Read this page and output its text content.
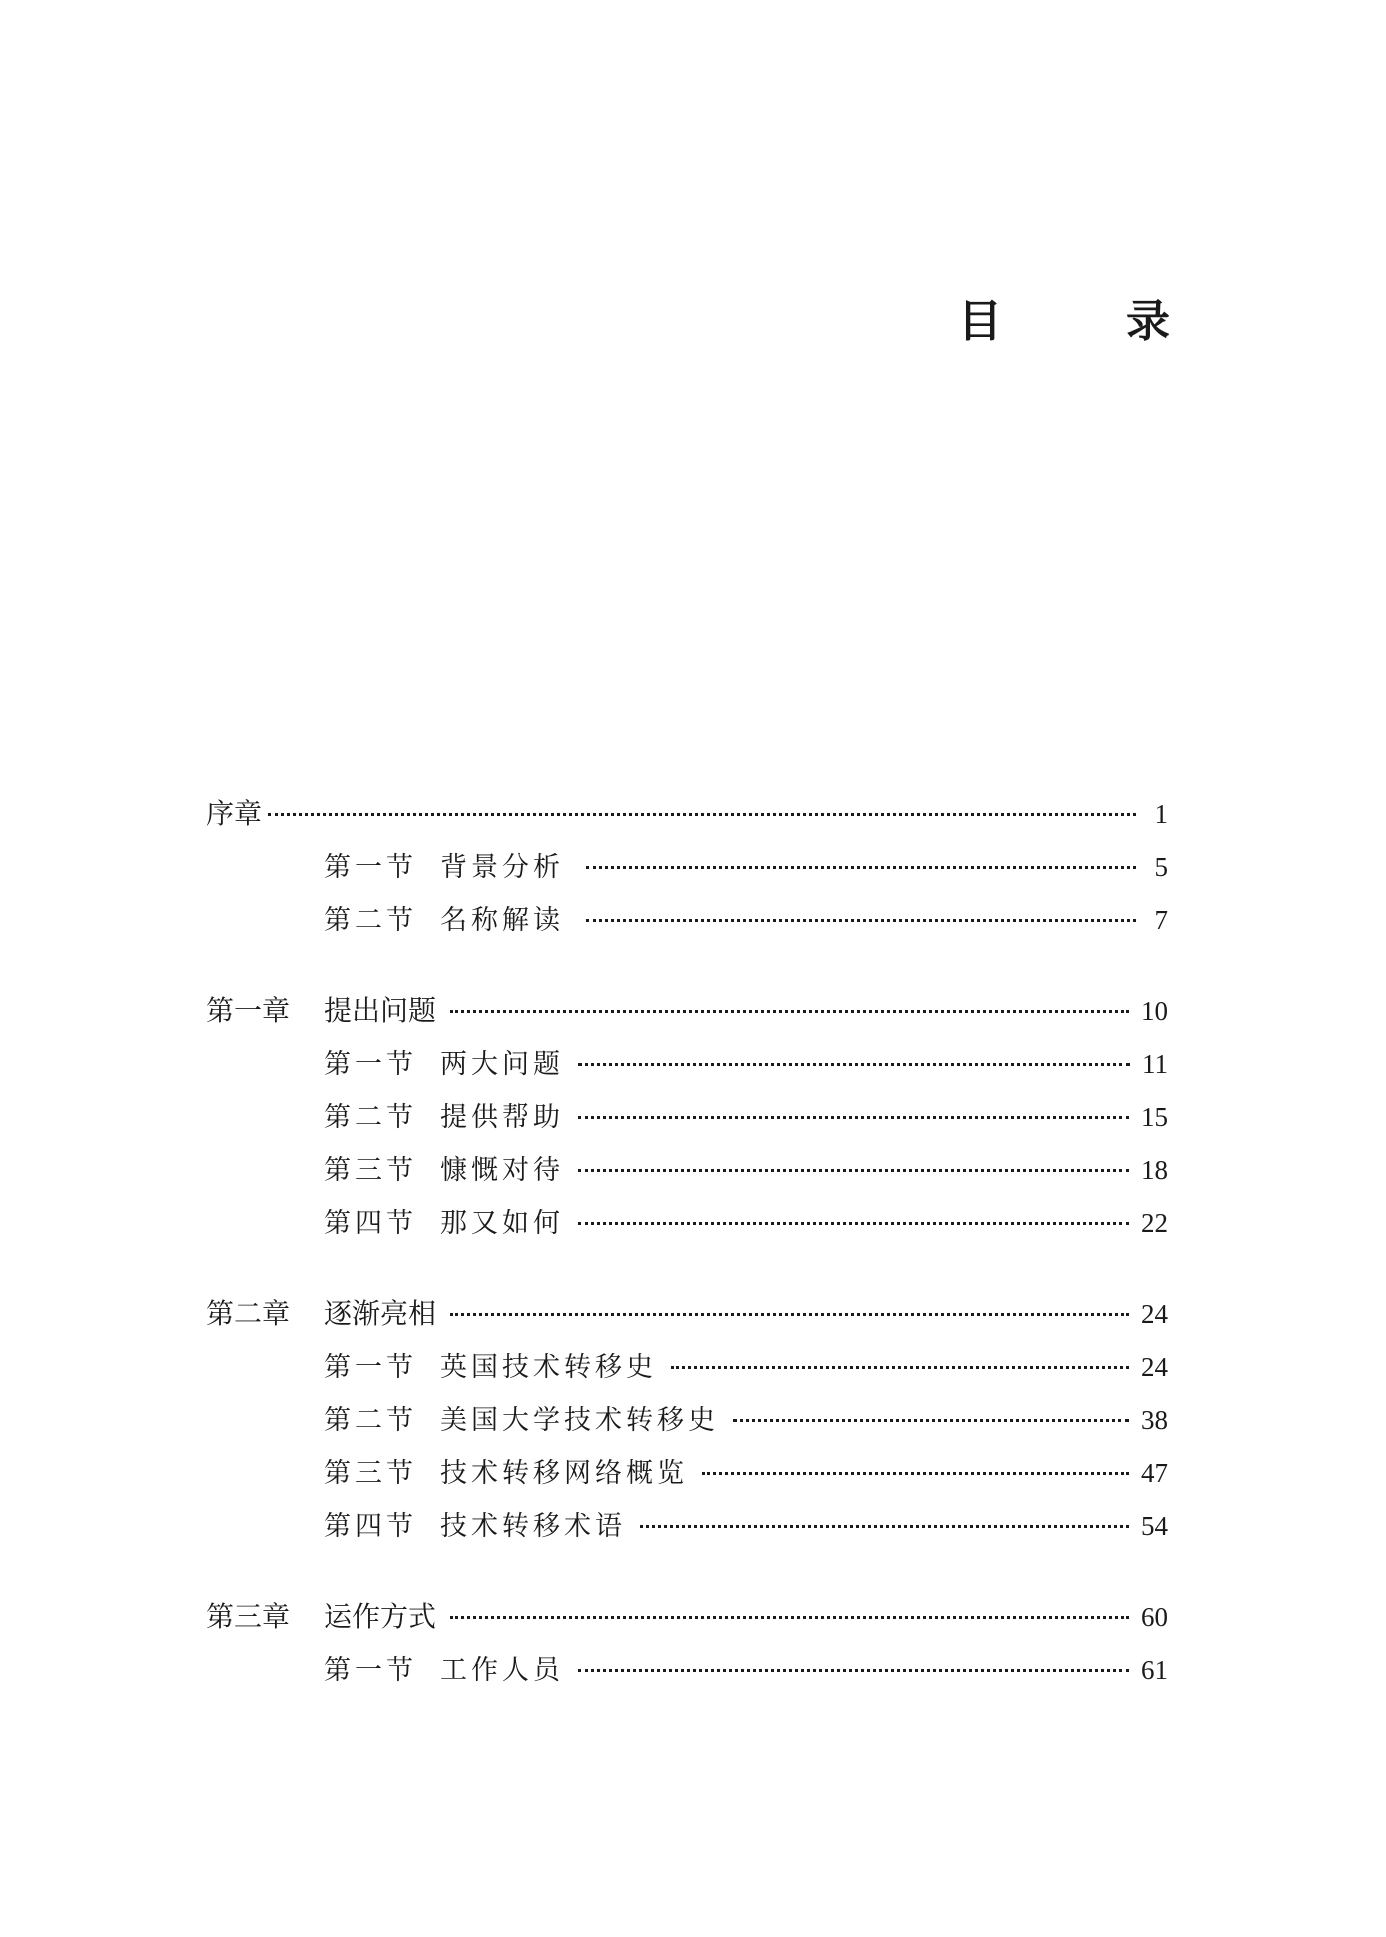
目　录
序章	1
第一节 背景分析	5
第二节 名称解读	7
第一章	提出问题	10
第一节 两大问题	11
第二节 提供帮助	15
第三节 慷慨对待	18
第四节 那又如何	22
第二章	逐渐亮相	24
第一节 英国技术转移史	24
第二节 美国大学技术转移史	38
第三节 技术转移网络概览	47
第四节 技术转移术语	54
第三章	运作方式	60
第一节 工作人员	61
